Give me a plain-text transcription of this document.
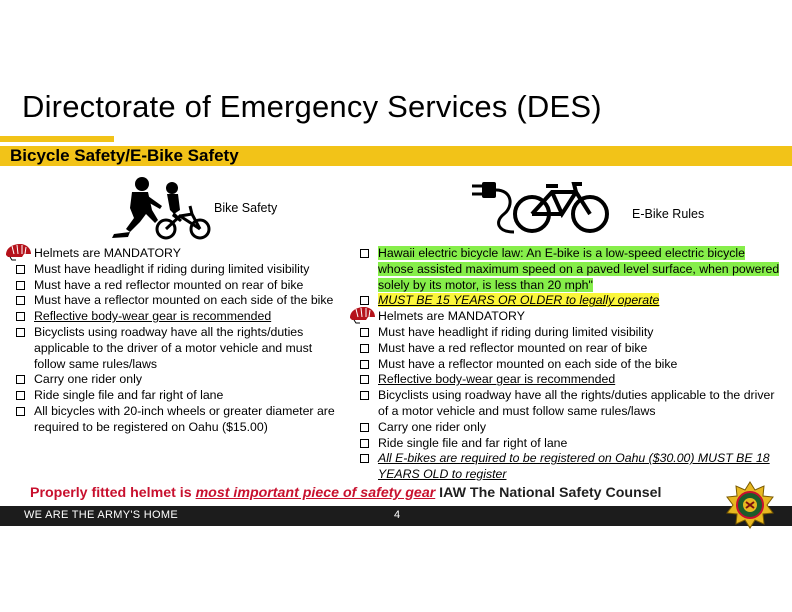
Directorate of Emergency Services (DES)
Bicycle Safety/E-Bike Safety
Bike Safety	E-Bike Rules
Helmets are MANDATORY
Must have headlight if riding during limited visibility
Must have a red reflector mounted on rear of bike
Must have a reflector mounted on each side of the bike
Reflective body-wear gear is recommended
Bicyclists using roadway have all the rights/duties applicable to the driver of a motor vehicle and must follow same rules/laws
Carry one rider only
Ride single file and far right of lane
All bicycles with 20-inch wheels or greater diameter are required to be registered on Oahu ($15.00)
Hawaii electric bicycle law: An E-bike is a low-speed electric bicycle whose assisted maximum speed on a paved level surface, when powered solely by its motor, is less than 20 mph"
MUST BE 15 YEARS OR OLDER to legally operate
Helmets are MANDATORY
Must have headlight if riding during limited visibility
Must have a red reflector mounted on rear of bike
Must have a reflector mounted on each side of the bike
Reflective body-wear gear is recommended
Bicyclists using roadway have all the rights/duties applicable to the driver of a motor vehicle and must follow same rules/laws
Carry one rider only
Ride single file and far right of lane
All E-bikes are required to be registered on Oahu ($30.00) MUST BE 18 YEARS OLD to register
Properly fitted helmet is most important piece of safety gear IAW The National Safety Counsel
WE ARE THE ARMY'S HOME	4
